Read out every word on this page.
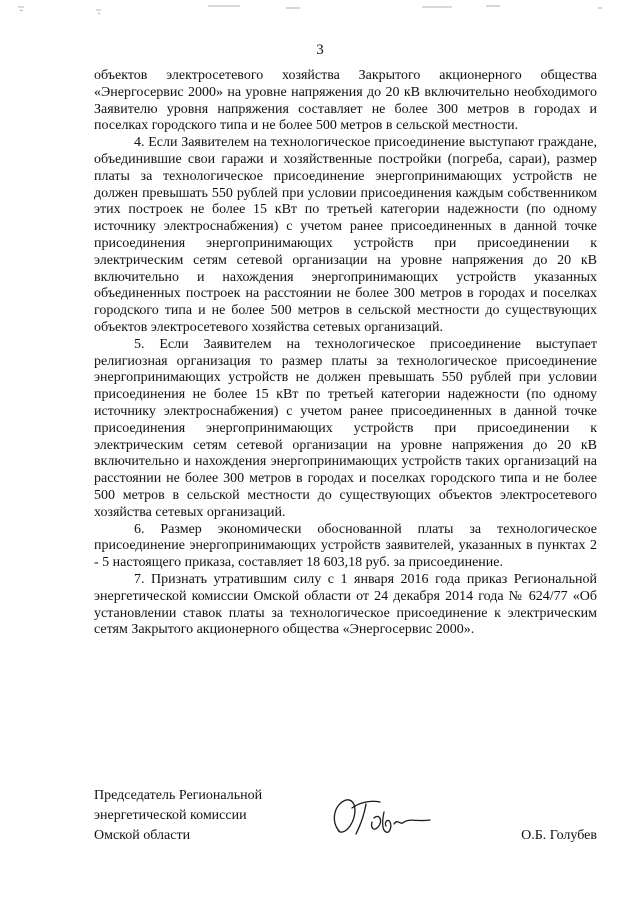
3

объектов электросетевого хозяйства Закрытого акционерного общества «Энергосервис 2000» на уровне напряжения до 20 кВ включительно необходимого Заявителю уровня напряжения составляет не более 300 метров в городах и поселках городского типа и не более 500 метров в сельской местности.

4. Если Заявителем на технологическое присоединение выступают граждане, объединившие свои гаражи и хозяйственные постройки (погреба, сараи), размер платы за технологическое присоединение энергопринимающих устройств не должен превышать 550 рублей при условии присоединения каждым собственником этих построек не более 15 кВт по третьей категории надежности (по одному источнику электроснабжения) с учетом ранее присоединенных в данной точке присоединения энергопринимающих устройств при присоединении к электрическим сетям сетевой организации на уровне напряжения до 20 кВ включительно и нахождения энергопринимающих устройств указанных объединенных построек на расстоянии не более 300 метров в городах и поселках городского типа и не более 500 метров в сельской местности до существующих объектов электросетевого хозяйства сетевых организаций.

5. Если Заявителем на технологическое присоединение выступает религиозная организация то размер платы за технологическое присоединение энергопринимающих устройств не должен превышать 550 рублей при условии присоединения не более 15 кВт по третьей категории надежности (по одному источнику электроснабжения) с учетом ранее присоединенных в данной точке присоединения энергопринимающих устройств при присоединении к электрическим сетям сетевой организации на уровне напряжения до 20 кВ включительно и нахождения энергопринимающих устройств таких организаций на расстоянии не более 300 метров в городах и поселках городского типа и не более 500 метров в сельской местности до существующих объектов электросетевого хозяйства сетевых организаций.

6. Размер экономически обоснованной платы за технологическое присоединение энергопринимающих устройств заявителей, указанных в пунктах 2 - 5 настоящего приказа, составляет 18 603,18 руб. за присоединение.

7. Признать утратившим силу с 1 января 2016 года приказ Региональной энергетической комиссии Омской области от 24 декабря 2014 года № 624/77 «Об установлении ставок платы за технологическое присоединение к электрическим сетям Закрытого акционерного общества «Энергосервис 2000».

Председатель Региональной
энергетической комиссии
Омской области	О.Б. Голубев
